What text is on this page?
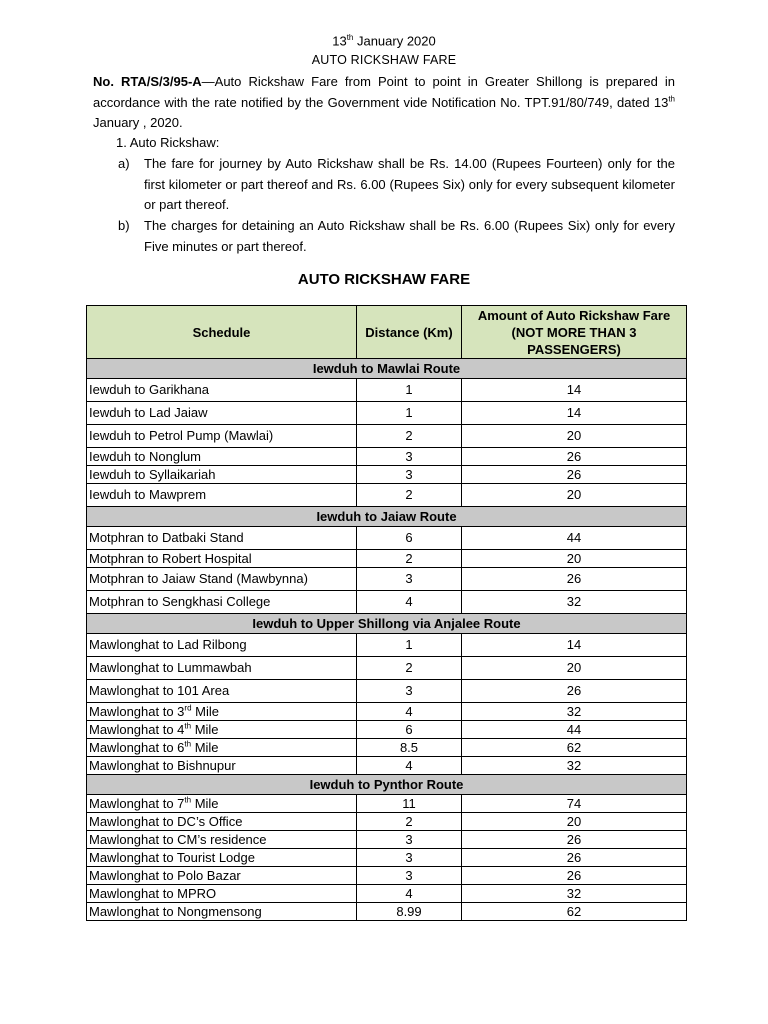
13th January 2020
AUTO RICKSHAW FARE
No. RTA/S/3/95-A—Auto Rickshaw Fare from Point to point in Greater Shillong is prepared in accordance with the rate notified by the Government vide Notification No. TPT.91/80/749, dated 13th January , 2020.
1. Auto Rickshaw:
a) The fare for journey by Auto Rickshaw shall be Rs. 14.00 (Rupees Fourteen) only for the first kilometer or part thereof and Rs. 6.00 (Rupees Six) only for every subsequent kilometer or part thereof.
b) The charges for detaining an Auto Rickshaw shall be Rs. 6.00 (Rupees Six) only for every Five minutes or part thereof.
AUTO RICKSHAW FARE
Schedule	Distance (Km)	Amount of Auto Rickshaw Fare
(NOT MORE THAN 3 PASSENGERS)
Iewduh to Mawlai Route		
Iewduh to Garikhana	1	14
Iewduh to Lad Jaiaw	1	14
Iewduh to Petrol Pump (Mawlai)	2	20
Iewduh to Nonglum	3	26
Iewduh to Syllaikariah	3	26
Iewduh to Mawprem	2	20
Iewduh to Jaiaw Route		
Motphran to Datbaki Stand	6	44
Motphran to Robert Hospital	2	20
Motphran to Jaiaw Stand (Mawbynna)	3	26
Motphran to Sengkhasi College	4	32
Iewduh to Upper Shillong via Anjalee Route		
Mawlonghat to Lad Rilbong	1	14
Mawlonghat to Lummawbah	2	20
Mawlonghat to 101 Area	3	26
Mawlonghat to 3rd Mile	4	32
Mawlonghat to 4th Mile	6	44
Mawlonghat to 6th Mile	8.5	62
Mawlonghat to Bishnupur	4	32
Iewduh to Pynthor Route		
Mawlonghat to 7th Mile	11	74
Mawlonghat to DC’s Office	2	20
Mawlonghat to CM’s residence	3	26
Mawlonghat to Tourist Lodge	3	26
Mawlonghat to Polo Bazar	3	26
Mawlonghat to MPRO	4	32
Mawlonghat to Nongmensong	8.99	62
